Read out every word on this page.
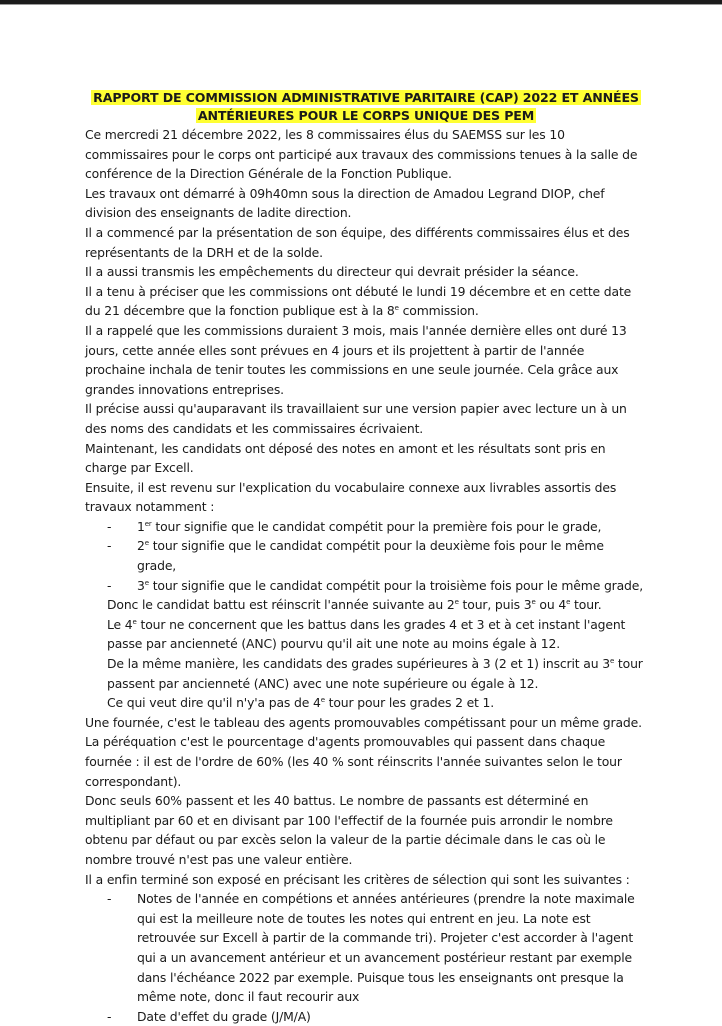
RAPPORT DE COMMISSION ADMINISTRATIVE PARITAIRE (CAP) 2022 ET ANNÉES
ANTÉRIEURES POUR LE CORPS UNIQUE DES PEM

Ce mercredi 21 décembre 2022, les 8 commissaires élus du SAEMSS sur les 10 commissaires pour le corps ont participé aux travaux des commissions tenues à la salle de conférence de la Direction Générale de la Fonction Publique.

Les travaux ont démarré à 09h40mn sous la direction de Amadou Legrand DIOP, chef division des enseignants de ladite direction.

Il a commencé par la présentation de son équipe, des différents commissaires élus et des représentants de la DRH et de la solde.

Il a aussi transmis les empêchements du directeur qui devrait présider la séance.

Il a tenu à préciser que les commissions ont débuté le lundi 19 décembre et en cette date du 21 décembre que la fonction publique est à la 8e commission.

Il a rappelé que les commissions duraient 3 mois, mais l'année dernière elles ont duré 13 jours, cette année elles sont prévues en 4 jours et ils projettent à partir de l'année prochaine inchala de tenir toutes les commissions en une seule journée. Cela grâce aux grandes innovations entreprises.

Il précise aussi qu'auparavant ils travaillaient sur une version papier avec lecture un à un des noms des candidats et les commissaires écrivaient.

Maintenant, les candidats ont déposé des notes en amont et les résultats sont pris en charge par Excell.

Ensuite, il est revenu sur l'explication du vocabulaire connexe aux livrables assortis des travaux notamment :

- 1er tour signifie que le candidat compétit pour la première fois pour le grade,
- 2e tour signifie que le candidat compétit pour la deuxième fois pour le même grade,
- 3e tour signifie que le candidat compétit pour la troisième fois pour le même grade,

Donc le candidat battu est réinscrit l'année suivante au 2e tour, puis 3e ou 4e tour.

Le 4e tour ne concernent que les battus dans les grades 4 et 3 et à cet instant l'agent passe par ancienneté (ANC) pourvu qu'il ait une note au moins égale à 12.

De la même manière, les candidats des grades supérieures à 3 (2 et 1) inscrit au 3e tour passent par ancienneté (ANC) avec une note supérieure ou égale à 12.

Ce qui veut dire qu'il n'y'a pas de 4e tour pour les grades 2 et 1.

Une fournée, c'est le tableau des agents promouvables compétissant pour un même grade.

La péréquation c'est le pourcentage d'agents promouvables qui passent dans chaque fournée : il est de l'ordre de 60% (les 40 % sont réinscrits l'année suivantes selon le tour correspondant).

Donc seuls 60% passent et les 40 battus. Le nombre de passants est déterminé en multipliant par 60 et en divisant par 100 l'effectif de la fournée puis arrondir le nombre obtenu par défaut ou par excès selon la valeur de la partie décimale dans le cas où le nombre trouvé n'est pas une valeur entière.

Il a enfin terminé son exposé en précisant les critères de sélection qui sont les suivantes :

- Notes de l'année en compétions et années antérieures (prendre la note maximale qui est la meilleure note de toutes les notes qui entrent en jeu. La note est retrouvée sur Excell à partir de la commande tri). Projeter c'est accorder à l'agent qui a un avancement antérieur et un avancement postérieur restant par exemple dans l'échéance 2022 par exemple. Puisque tous les enseignants ont presque la même note, donc il faut recourir aux
- Date d'effet du grade (J/M/A)
